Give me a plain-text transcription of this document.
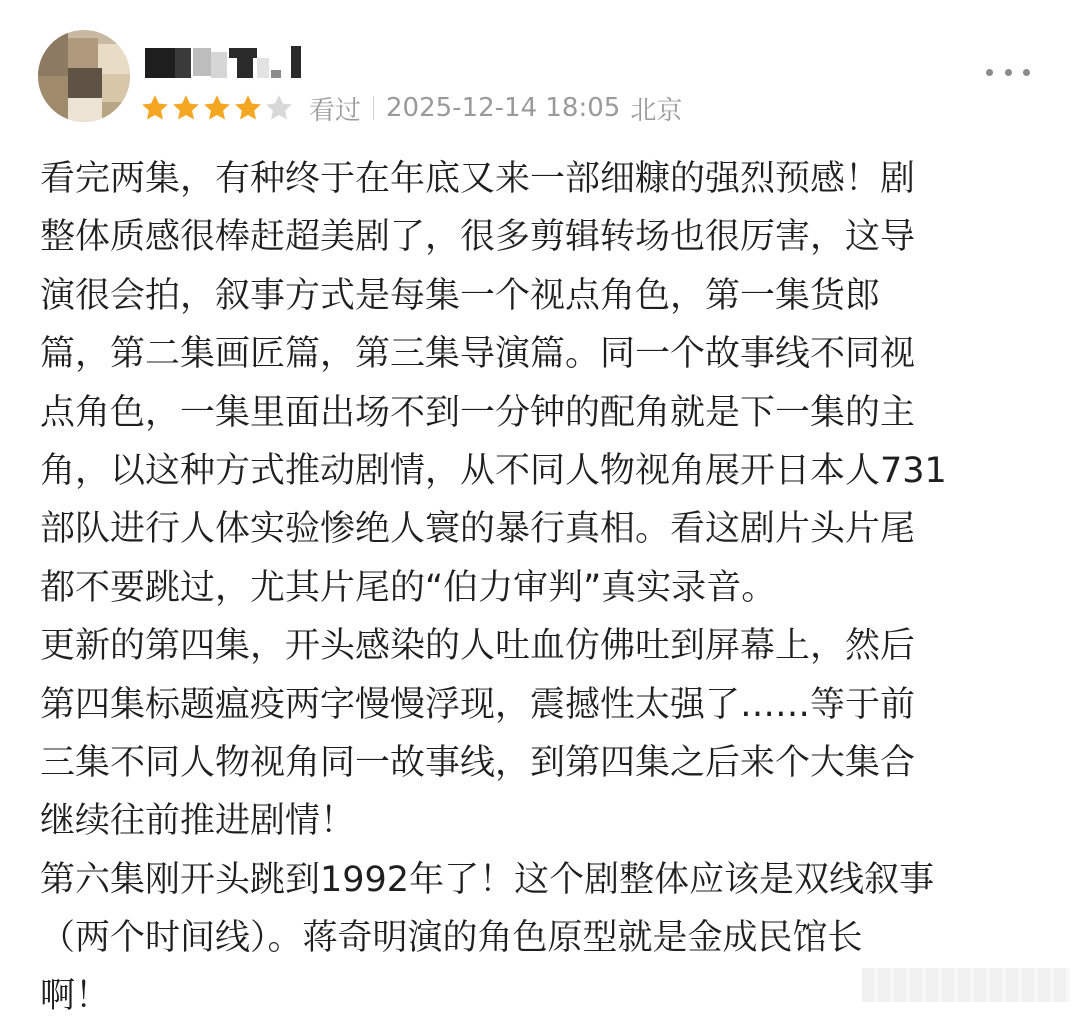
看过 2025-12-14 18:05 北京
看完两集，有种终于在年底又来一部细糠的强烈预感！剧
整体质感很棒赶超美剧了，很多剪辑转场也很厉害，这导
演很会拍，叙事方式是每集一个视点角色，第一集货郎
篇，第二集画匠篇，第三集导演篇。同一个故事线不同视
点角色，一集里面出场不到一分钟的配角就是下一集的主
角，以这种方式推动剧情，从不同人物视角展开日本人731
部队进行人体实验惨绝人寰的暴行真相。看这剧片头片尾
都不要跳过，尤其片尾的“伯力审判”真实录音。
更新的第四集，开头感染的人吐血仿佛吐到屏幕上，然后
第四集标题瘟疫两字慢慢浮现，震撼性太强了……等于前
三集不同人物视角同一故事线，到第四集之后来个大集合
继续往前推进剧情！
第六集刚开头跳到1992年了！这个剧整体应该是双线叙事
（两个时间线）。蒋奇明演的角色原型就是金成民馆长
啊！
